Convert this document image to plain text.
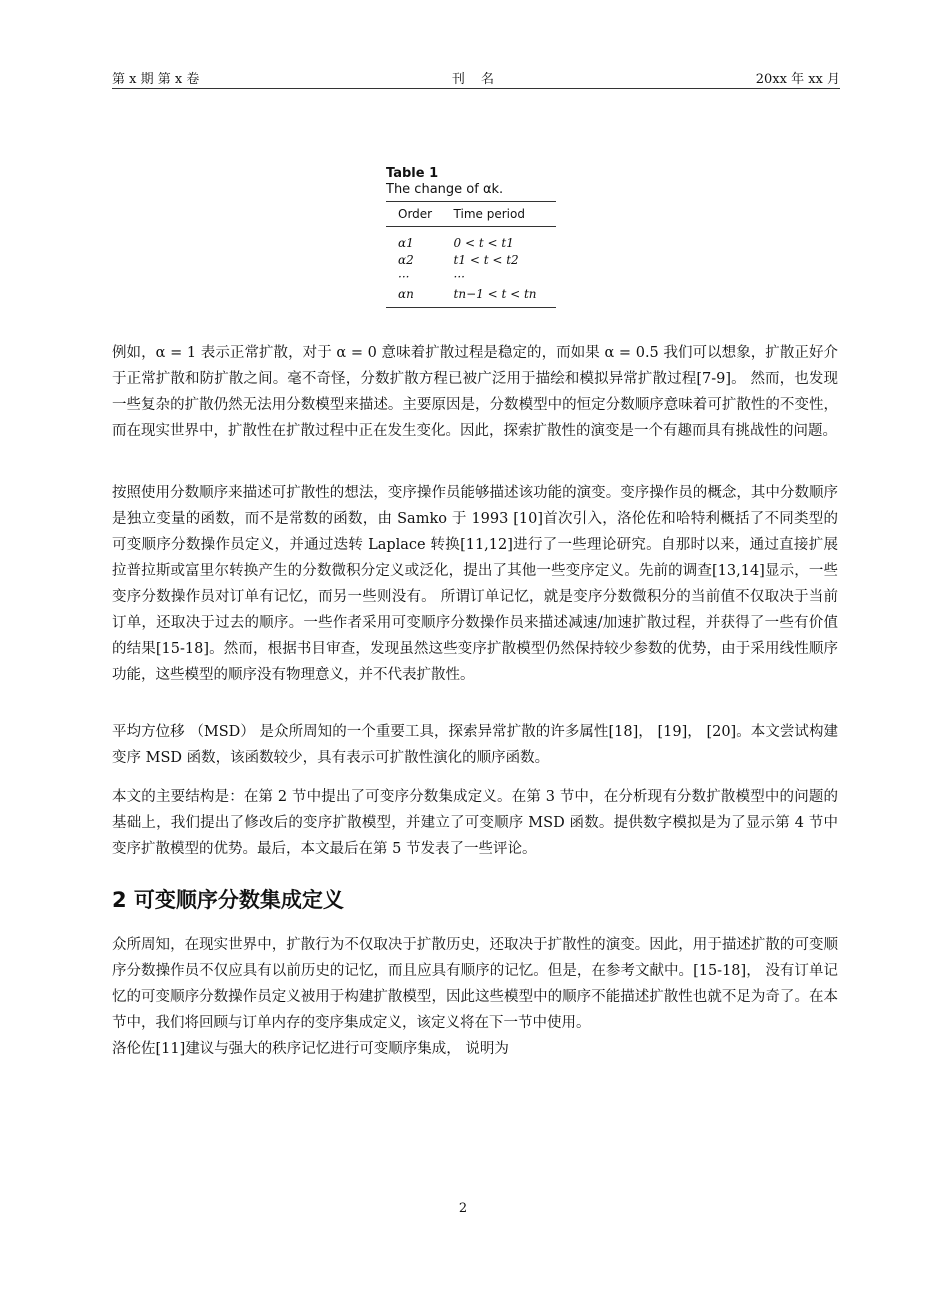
第 x 期 第 x 卷	刊 名	20xx 年 xx 月
Table 1
The change of αk.
Order	Time period
α1	0 < t < t1
α2	t1 < t < t2
···	···
αn	tn−1 < t < tn

例如，α = 1 表示正常扩散，对于 α = 0 意味着扩散过程是稳定的，而如果 α = 0.5 我们可以想象，扩散正好介于正常扩散和防扩散之间。毫不奇怪，分数扩散方程已被广泛用于描绘和模拟异常扩散过程[7-9]。 然而，也发现一些复杂的扩散仍然无法用分数模型来描述。主要原因是，分数模型中的恒定分数顺序意味着可扩散性的不变性，而在现实世界中，扩散性在扩散过程中正在发生变化。因此，探索扩散性的演变是一个有趣而具有挑战性的问题。

按照使用分数顺序来描述可扩散性的想法，变序操作员能够描述该功能的演变。变序操作员的概念，其中分数顺序是独立变量的函数，而不是常数的函数，由 Samko 于 1993 [10]首次引入，洛伦佐和哈特利概括了不同类型的可变顺序分数操作员定义，并通过迭转 Laplace 转换[11,12]进行了一些理论研究。自那时以来，通过直接扩展拉普拉斯或富里尔转换产生的分数微积分定义或泛化，提出了其他一些变序定义。先前的调查[13,14]显示，一些变序分数操作员对订单有记忆，而另一些则没有。 所谓订单记忆，就是变序分数微积分的当前值不仅取决于当前订单，还取决于过去的顺序。一些作者采用可变顺序分数操作员来描述减速/加速扩散过程，并获得了一些有价值的结果[15-18]。然而，根据书目审查，发现虽然这些变序扩散模型仍然保持较少参数的优势，由于采用线性顺序功能，这些模型的顺序没有物理意义，并不代表扩散性。

平均方位移 （MSD） 是众所周知的一个重要工具，探索异常扩散的许多属性[18]， [19]， [20]。本文尝试构建变序 MSD 函数，该函数较少，具有表示可扩散性演化的顺序函数。

本文的主要结构是：在第 2 节中提出了可变序分数集成定义。在第 3 节中，在分析现有分数扩散模型中的问题的基础上，我们提出了修改后的变序扩散模型，并建立了可变顺序 MSD 函数。提供数字模拟是为了显示第 4 节中变序扩散模型的优势。最后，本文最后在第 5 节发表了一些评论。

2 可变顺序分数集成定义

众所周知，在现实世界中，扩散行为不仅取决于扩散历史，还取决于扩散性的演变。因此，用于描述扩散的可变顺序分数操作员不仅应具有以前历史的记忆，而且应具有顺序的记忆。但是，在参考文献中。[15-18]， 没有订单记忆的可变顺序分数操作员定义被用于构建扩散模型，因此这些模型中的顺序不能描述扩散性也就不足为奇了。在本节中，我们将回顾与订单内存的变序集成定义，该定义将在下一节中使用。

洛伦佐[11]建议与强大的秩序记忆进行可变顺序集成， 说明为

2
